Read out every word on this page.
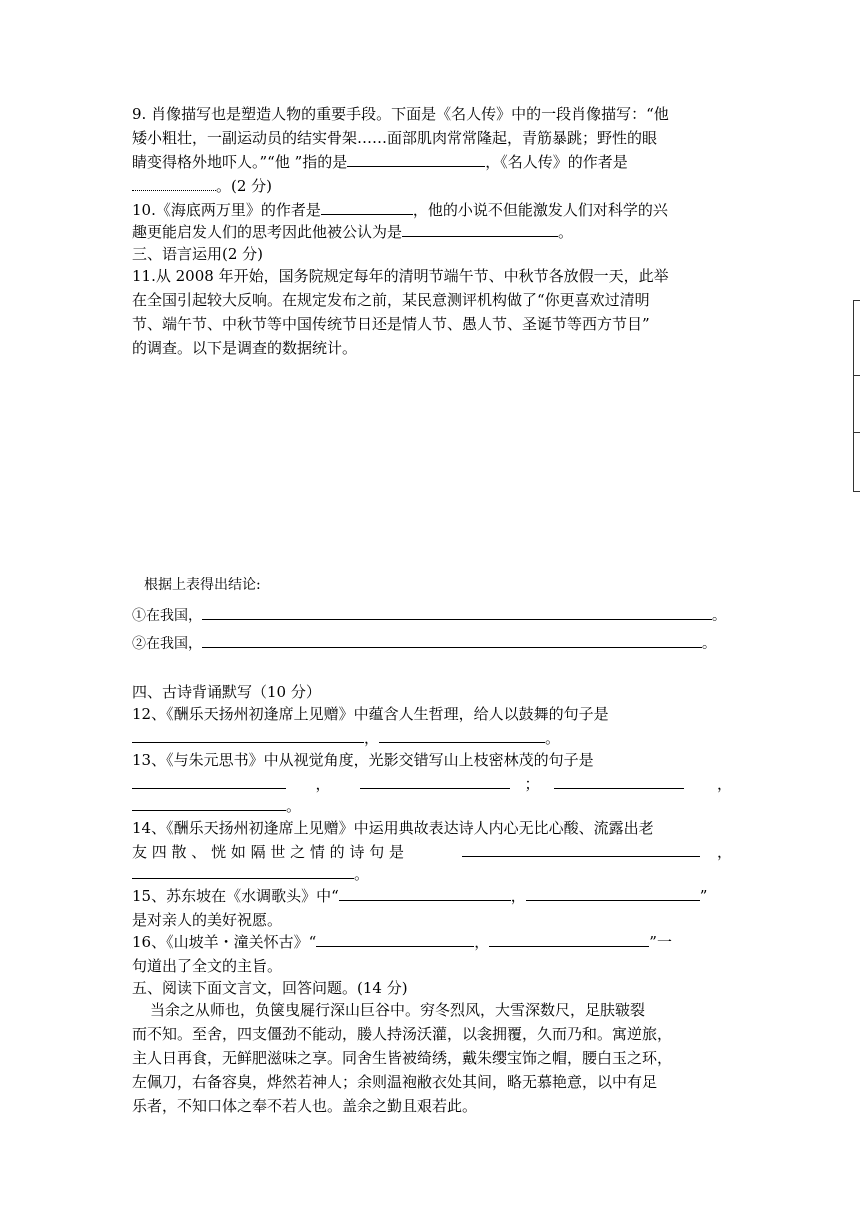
9. 肖像描写也是塑造人物的重要手段。下面是《名人传》中的一段肖像描写：“他
矮小粗壮，一副运动员的结实骨架……面部肌肉常常隆起，青筋暴跳；野性的眼
睛变得格外地吓人。”“他 ”指的是	，《名人传》的作者是
。(2 分)
10.《海底两万里》的作者是	，他的小说不但能激发人们对科学的兴
趣更能启发人们的思考因此他被公认为是	。
三、语言运用(2 分)
11.从 2008 年开始，国务院规定每年的清明节端午节、中秋节各放假一天，此举
在全国引起较大反响。在规定发布之前，某民意测评机构做了“你更喜欢过清明
节、端午节、中秋节等中国传统节日还是情人节、愚人节、圣诞节等西方节目”
的调查。以下是调查的数据统计。
根据上表得出结论:
①在我国，	。
②在我国，	。
四、古诗背诵默写（10 分）
12、《酬乐天扬州初逢席上见赠》中蕴含人生哲理，给人以鼓舞的句子是
，	。
13、《与朱元思书》中从视觉角度，光影交错写山上枝密林茂的句子是
，	；	，
。
14、《酬乐天扬州初逢席上见赠》中运用典故表达诗人内心无比心酸、流露出老
友 四 散 、 恍 如 隔 世 之 情 的 诗 句 是	，
。
15、苏东坡在《水调歌头》中“	，	”
是对亲人的美好祝愿。
16、《山坡羊・潼关怀古》“	，	”一
句道出了全文的主旨。
五、阅读下面文言文，回答问题。(14 分)
当余之从师也，负箧曳屣行深山巨谷中。穷冬烈风，大雪深数尺，足肤皲裂
而不知。至舍，四支僵劲不能动，媵人持汤沃灌，以衾拥覆，久而乃和。寓逆旅，
主人日再食，无鲜肥滋味之享。同舍生皆被绮绣，戴朱缨宝饰之帽，腰白玉之环，
左佩刀，右备容臭，烨然若神人；余则温袍敝衣处其间，略无慕艳意，以中有足
乐者，不知口体之奉不若人也。盖余之勤且艰若此。
